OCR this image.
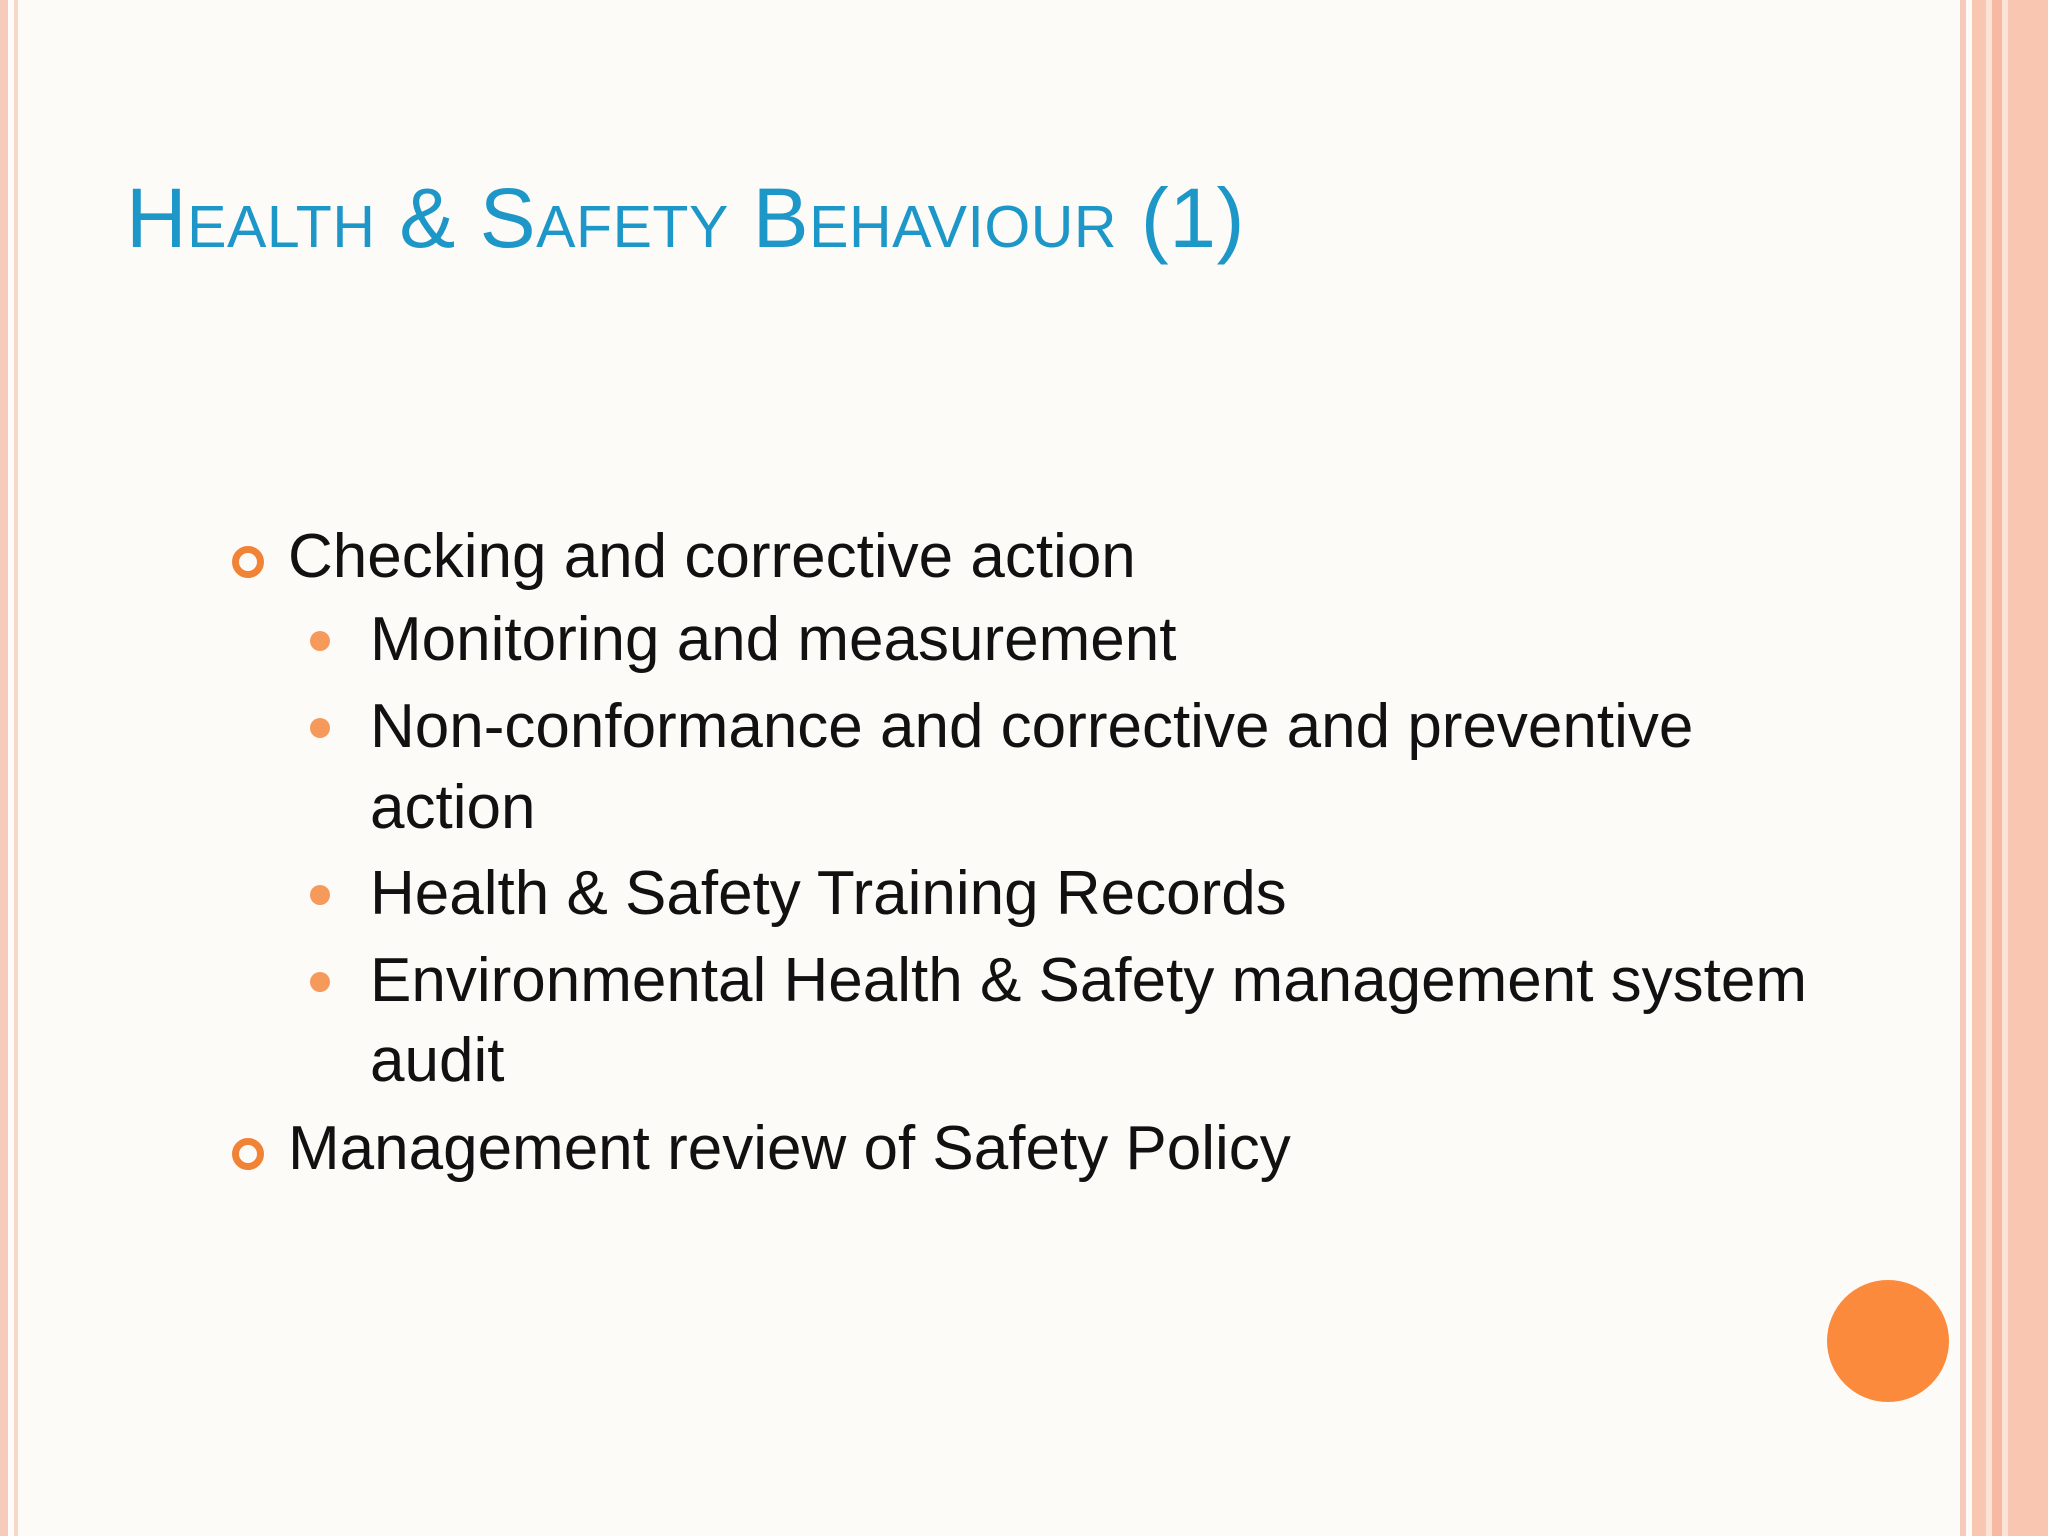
Health & Safety Behaviour (1)
Checking and corrective action
Monitoring and measurement
Non-conformance and corrective and preventive action
Health & Safety Training Records
Environmental Health & Safety management system audit
Management review of Safety Policy
